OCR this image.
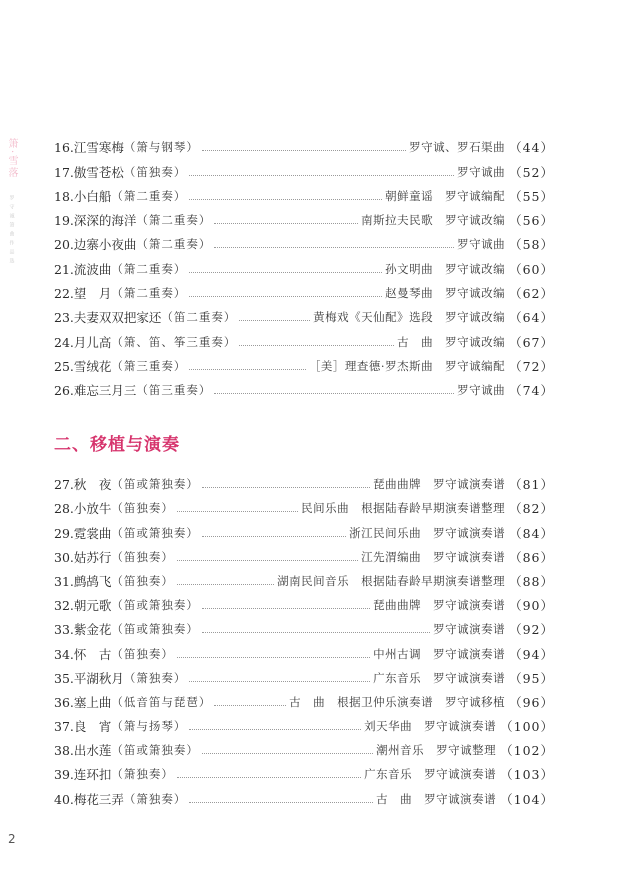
箫·雪落
罗守诚箫曲作品选
16. 江雪寒梅 （箫与钢琴）	罗守诚、罗石渠曲 （44）
17. 傲雪苍松 （笛独奏）	罗守诚曲 （52）
18. 小白船 （箫二重奏）	朝鲜童谣　罗守诚编配 （55）
19. 深深的海洋 （箫二重奏）	南斯拉夫民歌　罗守诚改编 （56）
20. 边寨小夜曲 （箫二重奏）	罗守诚曲 （58）
21. 流波曲 （箫二重奏）	孙文明曲　罗守诚改编 （60）
22. 望　月 （箫二重奏）	赵曼琴曲　罗守诚改编 （62）
23. 夫妻双双把家还 （笛二重奏）	黄梅戏《天仙配》选段　罗守诚改编 （64）
24. 月儿高 （箫、笛、筝三重奏）	古　曲　罗守诚改编 （67）
25. 雪绒花 （箫三重奏）	［美］理查德·罗杰斯曲　罗守诚编配 （72）
26. 难忘三月三 （笛三重奏）	罗守诚曲 （74）
二、移植与演奏
27. 秋　夜 （笛或箫独奏）	琵曲曲牌　罗守诚演奏谱 （81）
28. 小放牛 （笛独奏）	民间乐曲　根据陆春龄早期演奏谱整理 （82）
29. 霓裳曲 （笛或箫独奏）	浙江民间乐曲　罗守诚演奏谱 （84）
30. 姑苏行 （笛独奏）	江先渭编曲　罗守诚演奏谱 （86）
31. 鹧鸪飞 （笛独奏）	湖南民间音乐　根据陆春龄早期演奏谱整理 （88）
32. 朝元歌 （笛或箫独奏）	琵曲曲牌　罗守诚演奏谱 （90）
33. 紫金花 （笛或箫独奏）	罗守诚演奏谱 （92）
34. 怀　古 （笛独奏）	中州古调　罗守诚演奏谱 （94）
35. 平湖秋月 （箫独奏）	广东音乐　罗守诚演奏谱 （95）
36. 塞上曲 （低音笛与琵琶）	古　曲　根据卫仲乐演奏谱　罗守诚移植 （96）
37. 良　宵 （箫与扬琴）	刘天华曲　罗守诚演奏谱 （100）
38. 出水莲 （笛或箫独奏）	潮州音乐　罗守诚整理 （102）
39. 连环扣 （箫独奏）	广东音乐　罗守诚演奏谱 （103）
40. 梅花三弄 （箫独奏）	古　曲　罗守诚演奏谱 （104）
2
